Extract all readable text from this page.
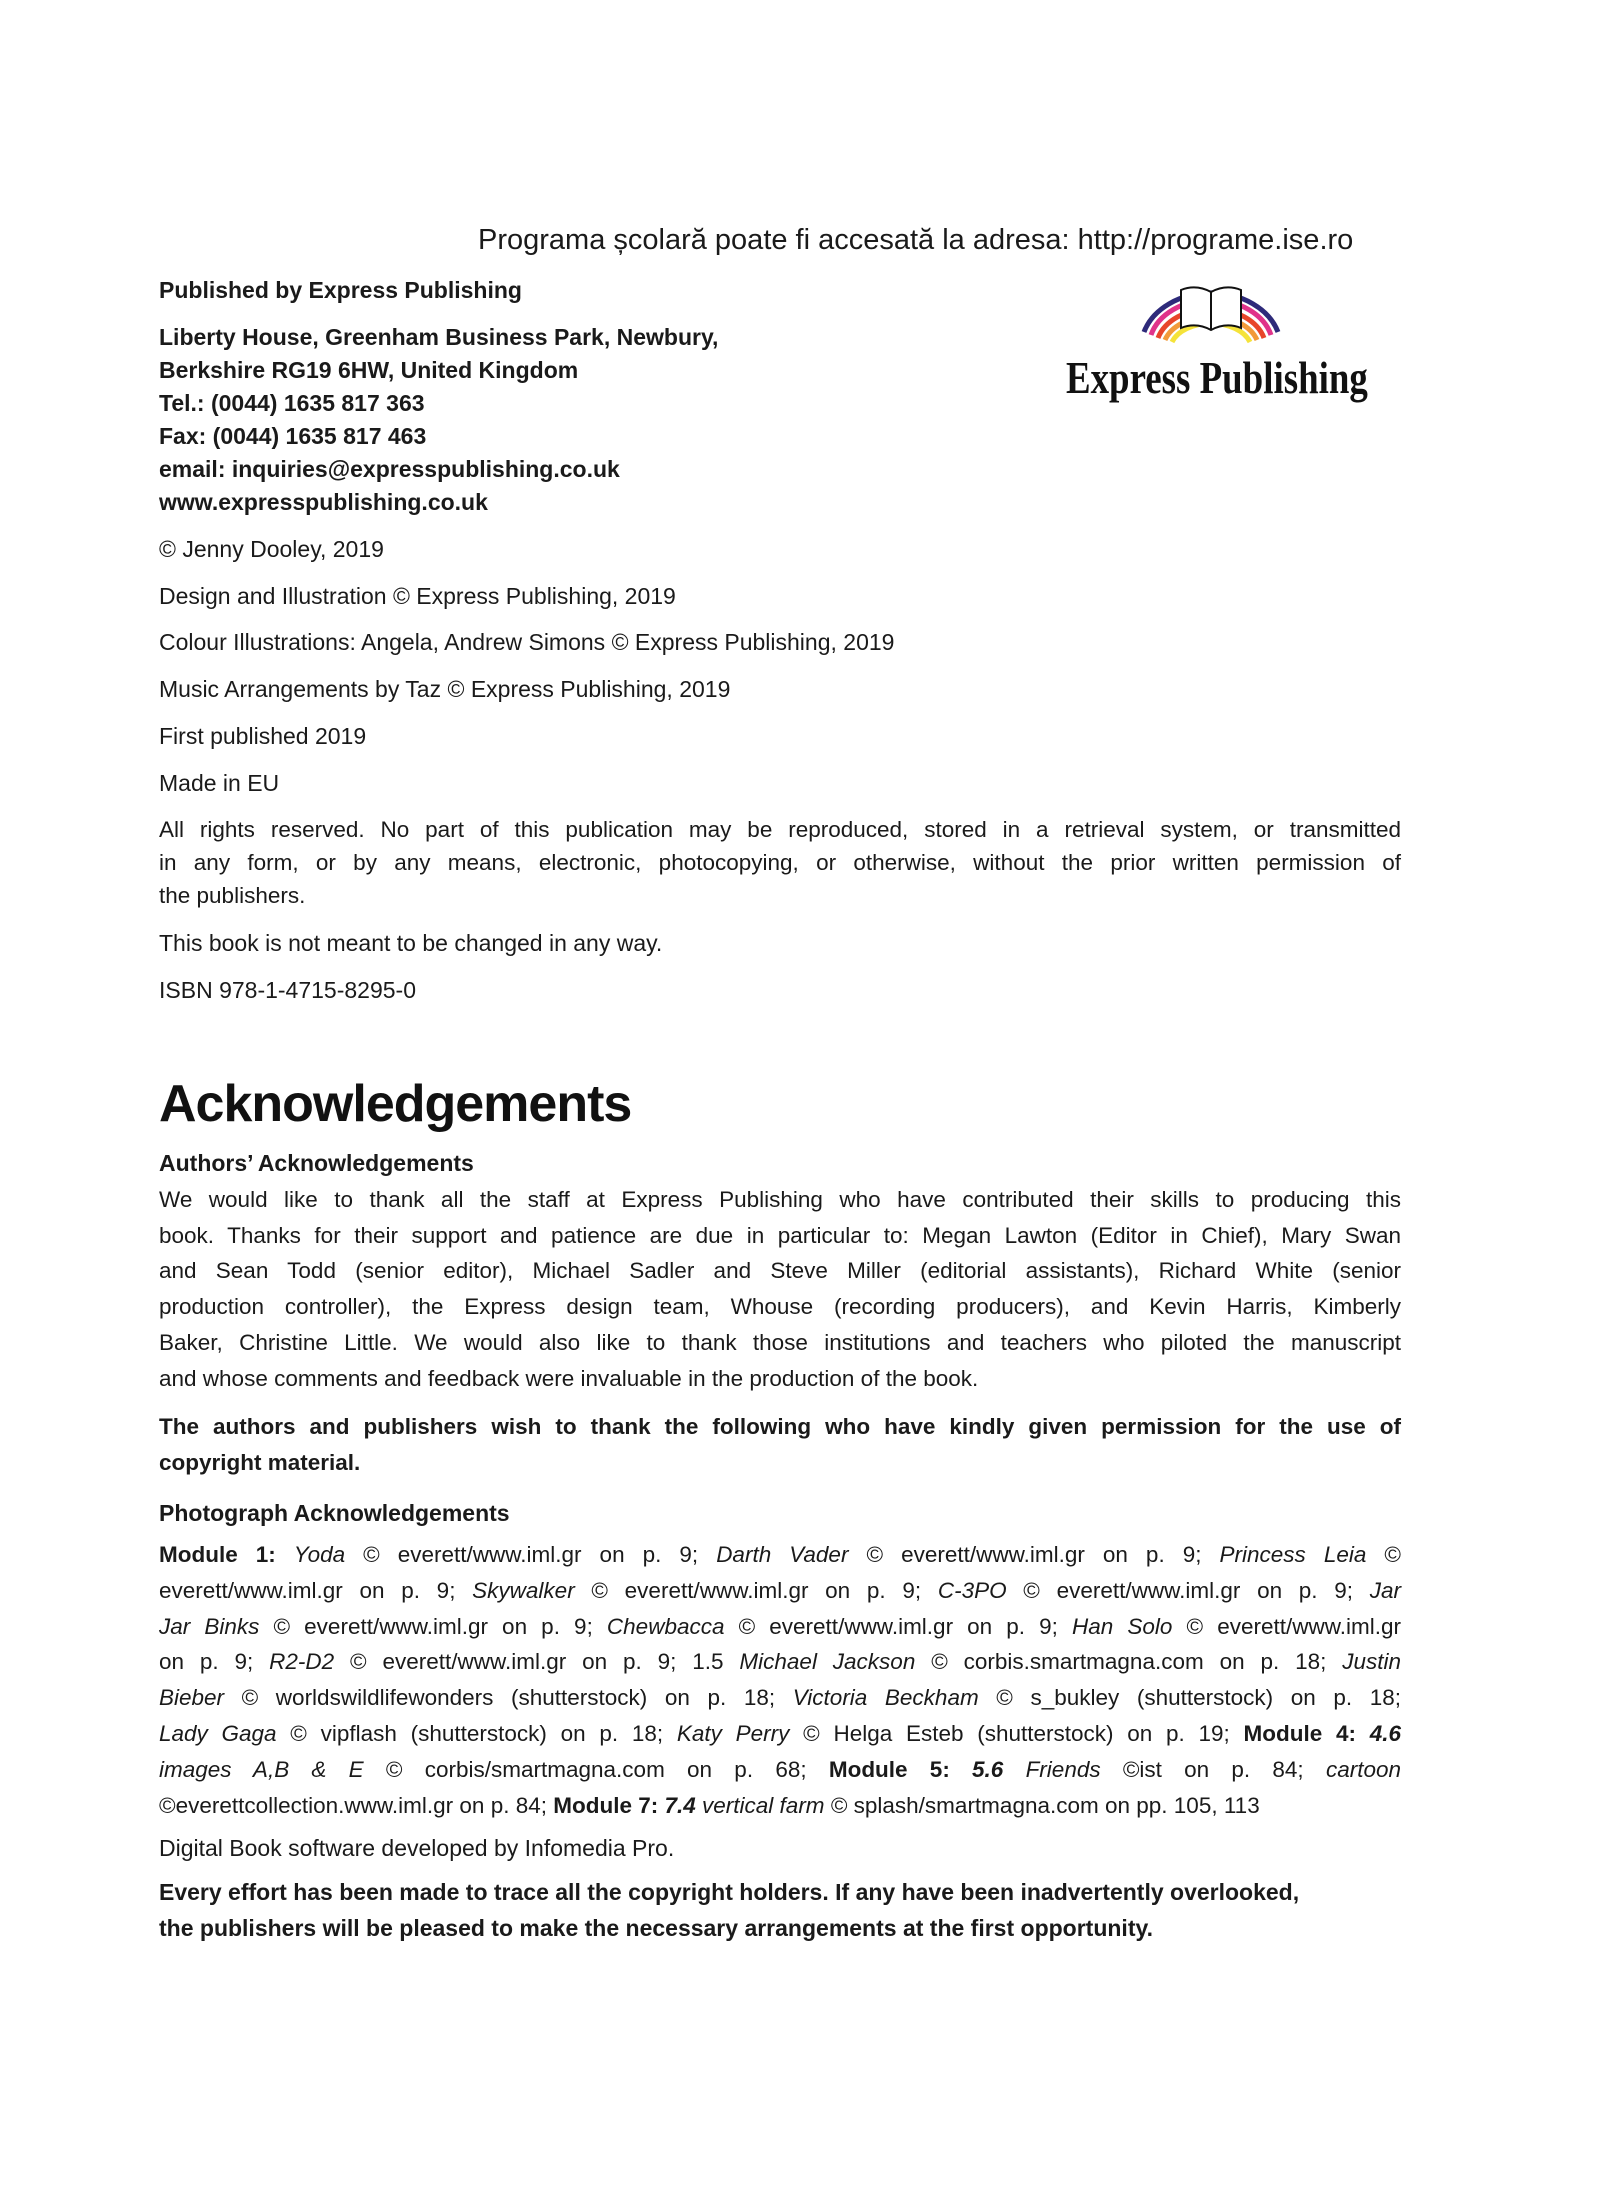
Programa școlară poate fi accesată la adresa: http://programe.ise.ro
Published by Express Publishing
Liberty House, Greenham Business Park, Newbury,
Berkshire RG19 6HW, United Kingdom
Tel.: (0044) 1635 817 363
Fax: (0044) 1635 817 463
email: inquiries@expresspublishing.co.uk
www.expresspublishing.co.uk
Express Publishing
© Jenny Dooley, 2019
Design and Illustration © Express Publishing, 2019
Colour Illustrations: Angela, Andrew Simons © Express Publishing, 2019
Music Arrangements by Taz © Express Publishing, 2019
First published 2019
Made in EU
All rights reserved. No part of this publication may be reproduced, stored in a retrieval system, or transmitted
in any form, or by any means, electronic, photocopying, or otherwise, without the prior written permission of
the publishers.
This book is not meant to be changed in any way.
ISBN 978-1-4715-8295-0
Acknowledgements
Authors’ Acknowledgements
We would like to thank all the staff at Express Publishing who have contributed their skills to producing this
book. Thanks for their support and patience are due in particular to: Megan Lawton (Editor in Chief), Mary Swan
and Sean Todd (senior editor), Michael Sadler and Steve Miller (editorial assistants), Richard White (senior
production controller), the Express design team, Whouse (recording producers), and Kevin Harris, Kimberly
Baker, Christine Little. We would also like to thank those institutions and teachers who piloted the manuscript
and whose comments and feedback were invaluable in the production of the book.
The authors and publishers wish to thank the following who have kindly given permission for the use of
copyright material.
Photograph Acknowledgements
Module 1: Yoda © everett/www.iml.gr on p. 9; Darth Vader © everett/www.iml.gr on p. 9; Princess Leia ©
everett/www.iml.gr on p. 9; Skywalker © everett/www.iml.gr on p. 9; C-3PO © everett/www.iml.gr on p. 9; Jar
Jar Binks © everett/www.iml.gr on p. 9; Chewbacca © everett/www.iml.gr on p. 9; Han Solo © everett/www.iml.gr
on p. 9; R2-D2 © everett/www.iml.gr on p. 9; 1.5 Michael Jackson © corbis.smartmagna.com on p. 18; Justin
Bieber © worldswildlifewonders (shutterstock) on p. 18; Victoria Beckham © s_bukley (shutterstock) on p. 18;
Lady Gaga © vipflash (shutterstock) on p. 18; Katy Perry © Helga Esteb (shutterstock) on p. 19; Module 4: 4.6
images A,B & E © corbis/smartmagna.com on p. 68; Module 5: 5.6 Friends ©ist on p. 84; cartoon
©everettcollection.www.iml.gr on p. 84; Module 7: 7.4 vertical farm © splash/smartmagna.com on pp. 105, 113
Digital Book software developed by Infomedia Pro.
Every effort has been made to trace all the copyright holders. If any have been inadvertently overlooked,
the publishers will be pleased to make the necessary arrangements at the first opportunity.
